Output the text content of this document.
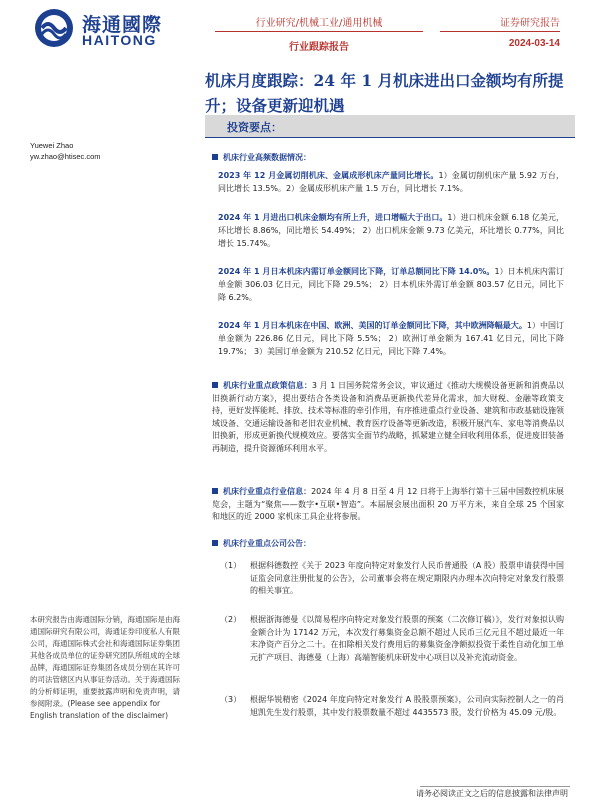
海通國際
HAITONG
行业研究/机械工业/通用机械
行业跟踪报告
证券研究报告
2024-03-14
机床月度跟踪：24 年 1 月机床进出口金额均有所提升；设备更新迎机遇
投资要点：
Yuewei Zhao
yw.zhao@htisec.com	机床行业高频数据情况：
2023 年 12 月金属切削机床、金属成形机床产量同比增长。1）金属切削机床产量 5.92 万台，同比增长 13.5%。2）金属成形机床产量 1.5 万台，同比增长 7.1%。
2024 年 1 月进出口机床金额均有所上升，进口增幅大于出口。1）进口机床金额 6.18 亿美元，环比增长 8.86%，同比增长 54.49%； 2）出口机床金额 9.73 亿美元，环比增长 0.77%，同比增长 15.74%。
2024 年 1 月日本机床内需订单金额同比下降，订单总额同比下降 14.0%。1）日本机床内需订单金额 306.03 亿日元，同比下降 29.5%； 2）日本机床外需订单金额 803.57 亿日元，同比下降 6.2%。
2024 年 1 月日本机床在中国、欧洲、美国的订单金额同比下降，其中欧洲降幅最大。1）中国订单金额为 226.86 亿日元，同比下降 5.5%； 2）欧洲订单金额为 167.41 亿日元，同比下降 19.7%； 3）美国订单金额为 210.52 亿日元，同比下降 7.4%。
机床行业重点政策信息：3 月 1 日国务院常务会议，审议通过《推动大规模设备更新和消费品以旧换新行动方案》，提出要结合各类设备和消费品更新换代差异化需求，加大财税、金融等政策支持，更好发挥能耗、排放、技术等标准的牵引作用，有序推进重点行业设备、建筑和市政基础设施领域设备、交通运输设备和老旧农业机械、教育医疗设备等更新改造，积极开展汽车、家电等消费品以旧换新，形成更新换代规模效应。要落实全面节约战略，抓紧建立健全回收利用体系，促进废旧装备再制造，提升资源循环利用水平。
机床行业重点行业信息：2024 年 4 月 8 日至 4 月 12 日将于上海举行第十三届中国数控机床展览会，主题为“聚焦——数字•互联•智造”。本届展会展出面积 20 万平方米，来自全球 25 个国家和地区的近 2000 家机床工具企业将参展。
机床行业重点公司公告：
（1） 根据科德数控《关于 2023 年度向特定对象发行人民币普通股（A 股）股票申请获得中国证监会同意注册批复的公告》，公司董事会将在规定期限内办理本次向特定对象发行股票的相关事宜。
（2） 根据浙海德曼《以简易程序向特定对象发行股票的预案（二次修订稿）》，发行对象拟认购金额合计为 17142 万元，本次发行募集资金总额不超过人民币三亿元且不超过最近一年末净资产百分之二十。在扣除相关发行费用后的募集资金净额拟投资于柔性自动化加工单元扩产项目、海德曼（上海）高端智能机床研发中心项目以及补充流动资金。
（3） 根据华锐精密《2024 年度向特定对象发行 A 股股票预案》，公司向实际控制人之一的肖旭凯先生发行股票，其中发行股票数量不超过 4435573 股，发行价格为 45.09 元/股。
本研究报告由海通国际分销，海通国际是由海通国际研究有限公司，海通证券印度私人有限公司，海通国际株式会社和海通国际证券集团其他各成员单位的证券研究团队所组成的全球品牌，海通国际证券集团各成员分别在其许可的司法管辖区内从事证券活动。关于海通国际的分析师证明，重要披露声明和免责声明，请参阅附录。(Please see appendix for English translation of the disclaimer)
请务必阅读正文之后的信息披露和法律声明
